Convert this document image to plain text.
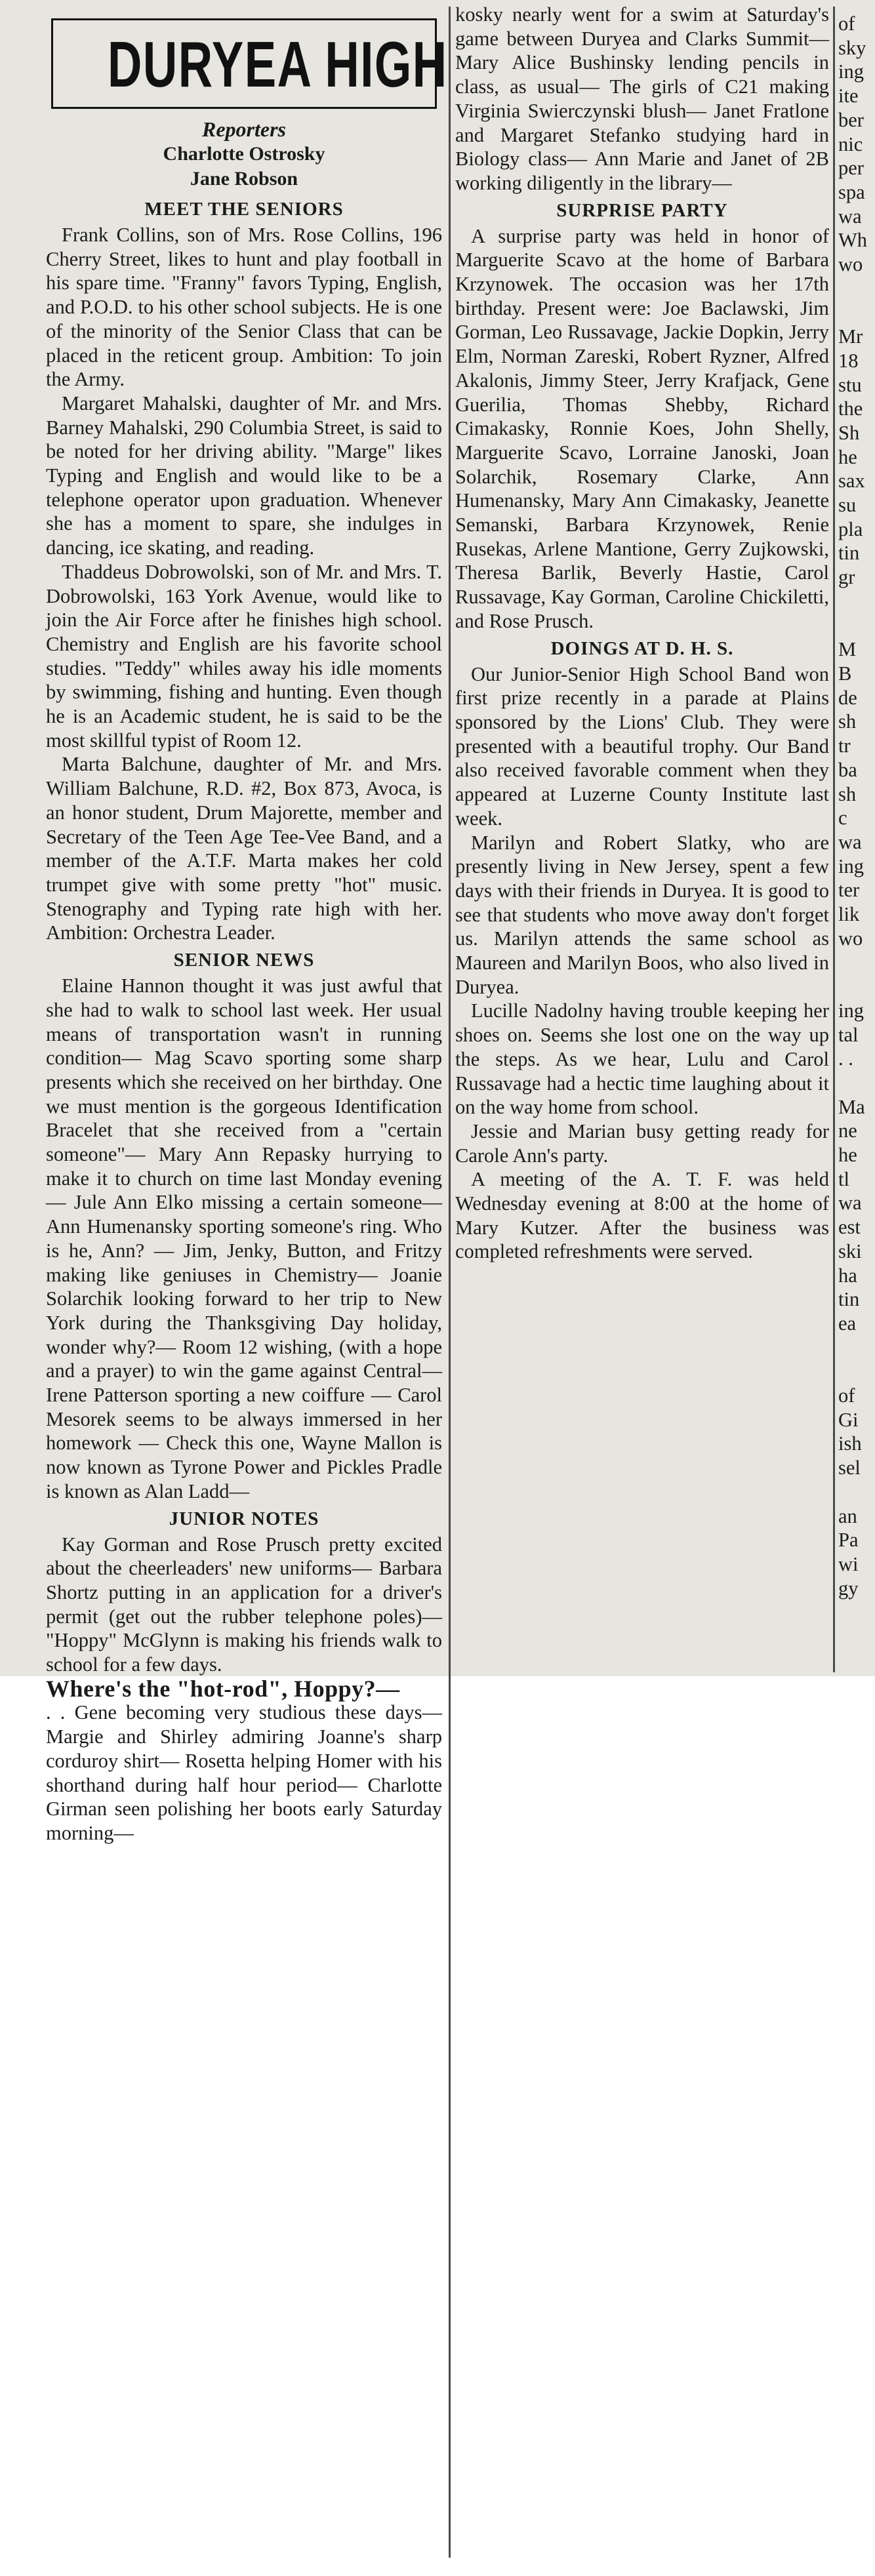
DURYEA HIGH
Reporters
Charlotte Ostrosky
Jane Robson
MEET THE SENIORS

Frank Collins, son of Mrs. Rose Collins, 196 Cherry Street, likes to hunt and play football in his spare time. "Franny" favors Typing, English, and P.O.D. to his other school subjects. He is one of the minority of the Senior Class that can be placed in the reticent group. Ambition: To join the Army.

Margaret Mahalski, daughter of Mr. and Mrs. Barney Mahalski, 290 Columbia Street, is said to be noted for her driving ability. "Marge" likes Typing and English and would like to be a telephone operator upon graduation. Whenever she has a moment to spare, she indulges in dancing, ice skating, and reading.

Thaddeus Dobrowolski, son of Mr. and Mrs. T. Dobrowolski, 163 York Avenue, would like to join the Air Force after he finishes high school. Chemistry and English are his favorite school studies. "Teddy" whiles away his idle moments by swimming, fishing and hunting. Even though he is an Academic student, he is said to be the most skillful typist of Room 12.

Marta Balchune, daughter of Mr. and Mrs. William Balchune, R.D. #2, Box 873, Avoca, is an honor student, Drum Majorette, member and Secretary of the Teen Age Tee-Vee Band, and a member of the A.T.F. Marta makes her cold trumpet give with some pretty "hot" music. Stenography and Typing rate high with her. Ambition: Orchestra Leader.

SENIOR NEWS

Elaine Hannon thought it was just awful that she had to walk to school last week. Her usual means of transportation wasn't in running condition— Mag Scavo sporting some sharp presents which she received on her birthday. One we must mention is the gorgeous Identification Bracelet that she received from a "certain someone"— Mary Ann Repasky hurrying to make it to church on time last Monday evening— Jule Ann Elko missing a certain someone— Ann Humenansky sporting someone's ring. Who is he, Ann? — Jim, Jenky, Button, and Fritzy making like geniuses in Chemistry— Joanie Solarchik looking forward to her trip to New York during the Thanksgiving Day holiday, wonder why?— Room 12 wishing, (with a hope and a prayer) to win the game against Central— Irene Patterson sporting a new coiffure — Carol Mesorek seems to be always immersed in her homework — Check this one, Wayne Mallon is now known as Tyrone Power and Pickles Pradle is known as Alan Ladd—

JUNIOR NOTES

Kay Gorman and Rose Prusch pretty excited about the cheerleaders' new uniforms— Barbara Shortz putting in an application for a driver's permit (get out the rubber telephone poles)— "Hoppy" McGlynn is making his friends walk to school for a few days.

Where's the "hot-rod", Hoppy?—

. . Gene becoming very studious these days— Margie and Shirley admiring Joanne's sharp corduroy shirt— Rosetta helping Homer with his shorthand during half hour period— Charlotte Girman seen polishing her boots early Saturday morning—

kosky nearly went for a swim at Saturday's game between Duryea and Clarks Summit— Mary Alice Bushinsky lending pencils in class, as usual— The girls of C21 making Virginia Swierczynski blush— Janet Fratlone and Margaret Stefanko studying hard in Biology class— Ann Marie and Janet of 2B working diligently in the library—

SURPRISE PARTY

A surprise party was held in honor of Marguerite Scavo at the home of Barbara Krzynowek. The occasion was her 17th birthday. Present were: Joe Baclawski, Jim Gorman, Leo Russavage, Jackie Dopkin, Jerry Elm, Norman Zareski, Robert Ryzner, Alfred Akalonis, Jimmy Steer, Jerry Krafjack, Gene Guerilia, Thomas Shebby, Richard Cimakasky, Ronnie Koes, John Shelly, Marguerite Scavo, Lorraine Janoski, Joan Solarchik, Rosemary Clarke, Ann Humenansky, Mary Ann Cimakasky, Jeanette Semanski, Barbara Krzynowek, Renie Rusekas, Arlene Mantione, Gerry Zujkowski, Theresa Barlik, Beverly Hastie, Carol Russavage, Kay Gorman, Caroline Chickiletti, and Rose Prusch.

DOINGS AT D. H. S.

Our Junior-Senior High School Band won first prize recently in a parade at Plains sponsored by the Lions' Club. They were presented with a beautiful trophy. Our Band also received favorable comment when they appeared at Luzerne County Institute last week.

Marilyn and Robert Slatky, who are presently living in New Jersey, spent a few days with their friends in Duryea. It is good to see that students who move away don't forget us. Marilyn attends the same school as Maureen and Marilyn Boos, who also lived in Duryea.

Lucille Nadolny having trouble keeping her shoes on. Seems she lost one on the way up the steps. As we hear, Lulu and Carol Russavage had a hectic time laughing about it on the way home from school.

Jessie and Marian busy getting ready for Carole Ann's party.

A meeting of the A. T. F. was held Wednesday evening at 8:00 at the home of Mary Kutzer. After the business was completed refreshments were served.

of
sky
ing
ite
ber
nic
per
spa
wa
Wh
wo

Mr
18
stu
the
Sh
he
sax
su
pla
tin
gr

M
B
de
sh
tr
ba
sh
c
wa
ing
ter
lik
wo

ing
tal
. .

Ma
ne
he
tl
wa
est
ski
ha
tin
ea

of
Gi
ish
sel

an
Pa
wi
gy
